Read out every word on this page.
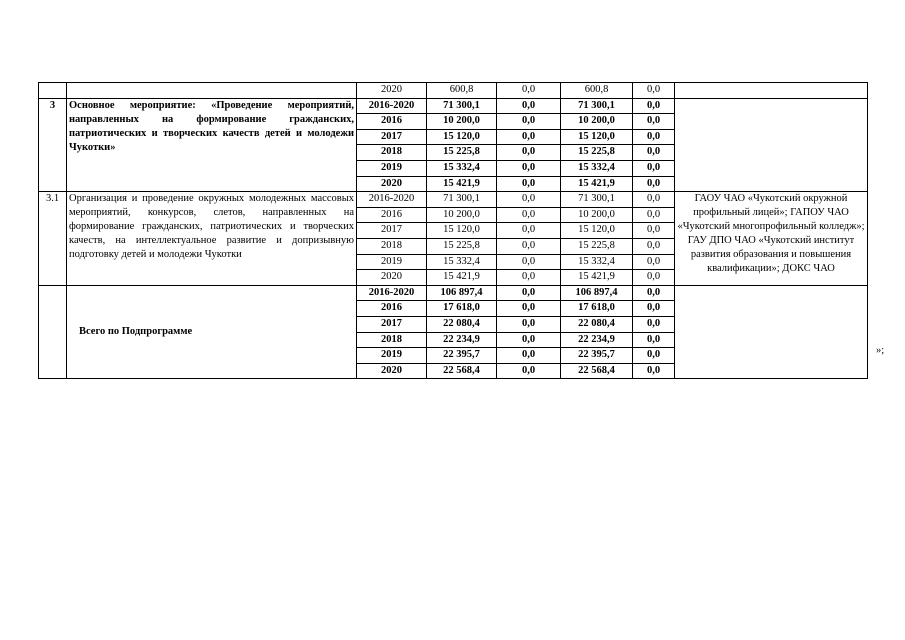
		2020	600,8	0,0	600,8	0,0	
3	Основное мероприятие: «Проведение мероприятий, направленных на формирование гражданских, патриотических и творческих качеств детей и молодежи Чукотки»	2016-2020	71 300,1	0,0	71 300,1	0,0	
		2016	10 200,0	0,0	10 200,0	0,0	
		2017	15 120,0	0,0	15 120,0	0,0	
		2018	15 225,8	0,0	15 225,8	0,0	
		2019	15 332,4	0,0	15 332,4	0,0	
		2020	15 421,9	0,0	15 421,9	0,0	
3.1	Организация и проведение окружных молодежных массовых мероприятий, конкурсов, слетов, направленных на формирование гражданских, патриотических и творческих качеств, на интеллектуальное развитие и допризывную подготовку детей и молодежи Чукотки	2016-2020	71 300,1	0,0	71 300,1	0,0	ГАОУ ЧАО «Чукотский окружной профильный лицей»; ГАПОУ ЧАО «Чукотский многопрофильный колледж»; ГАУ ДПО ЧАО «Чукотский институт развития образования и повышения квалификации»; ДОКС ЧАО
		2016	10 200,0	0,0	10 200,0	0,0	
		2017	15 120,0	0,0	15 120,0	0,0	
		2018	15 225,8	0,0	15 225,8	0,0	
		2019	15 332,4	0,0	15 332,4	0,0	
		2020	15 421,9	0,0	15 421,9	0,0	
	Всего по Подпрограмме	2016-2020	106 897,4	0,0	106 897,4	0,0	
		2016	17 618,0	0,0	17 618,0	0,0	
		2017	22 080,4	0,0	22 080,4	0,0	
		2018	22 234,9	0,0	22 234,9	0,0	
		2019	22 395,7	0,0	22 395,7	0,0	
		2020	22 568,4	0,0	22 568,4	0,0	
»;
